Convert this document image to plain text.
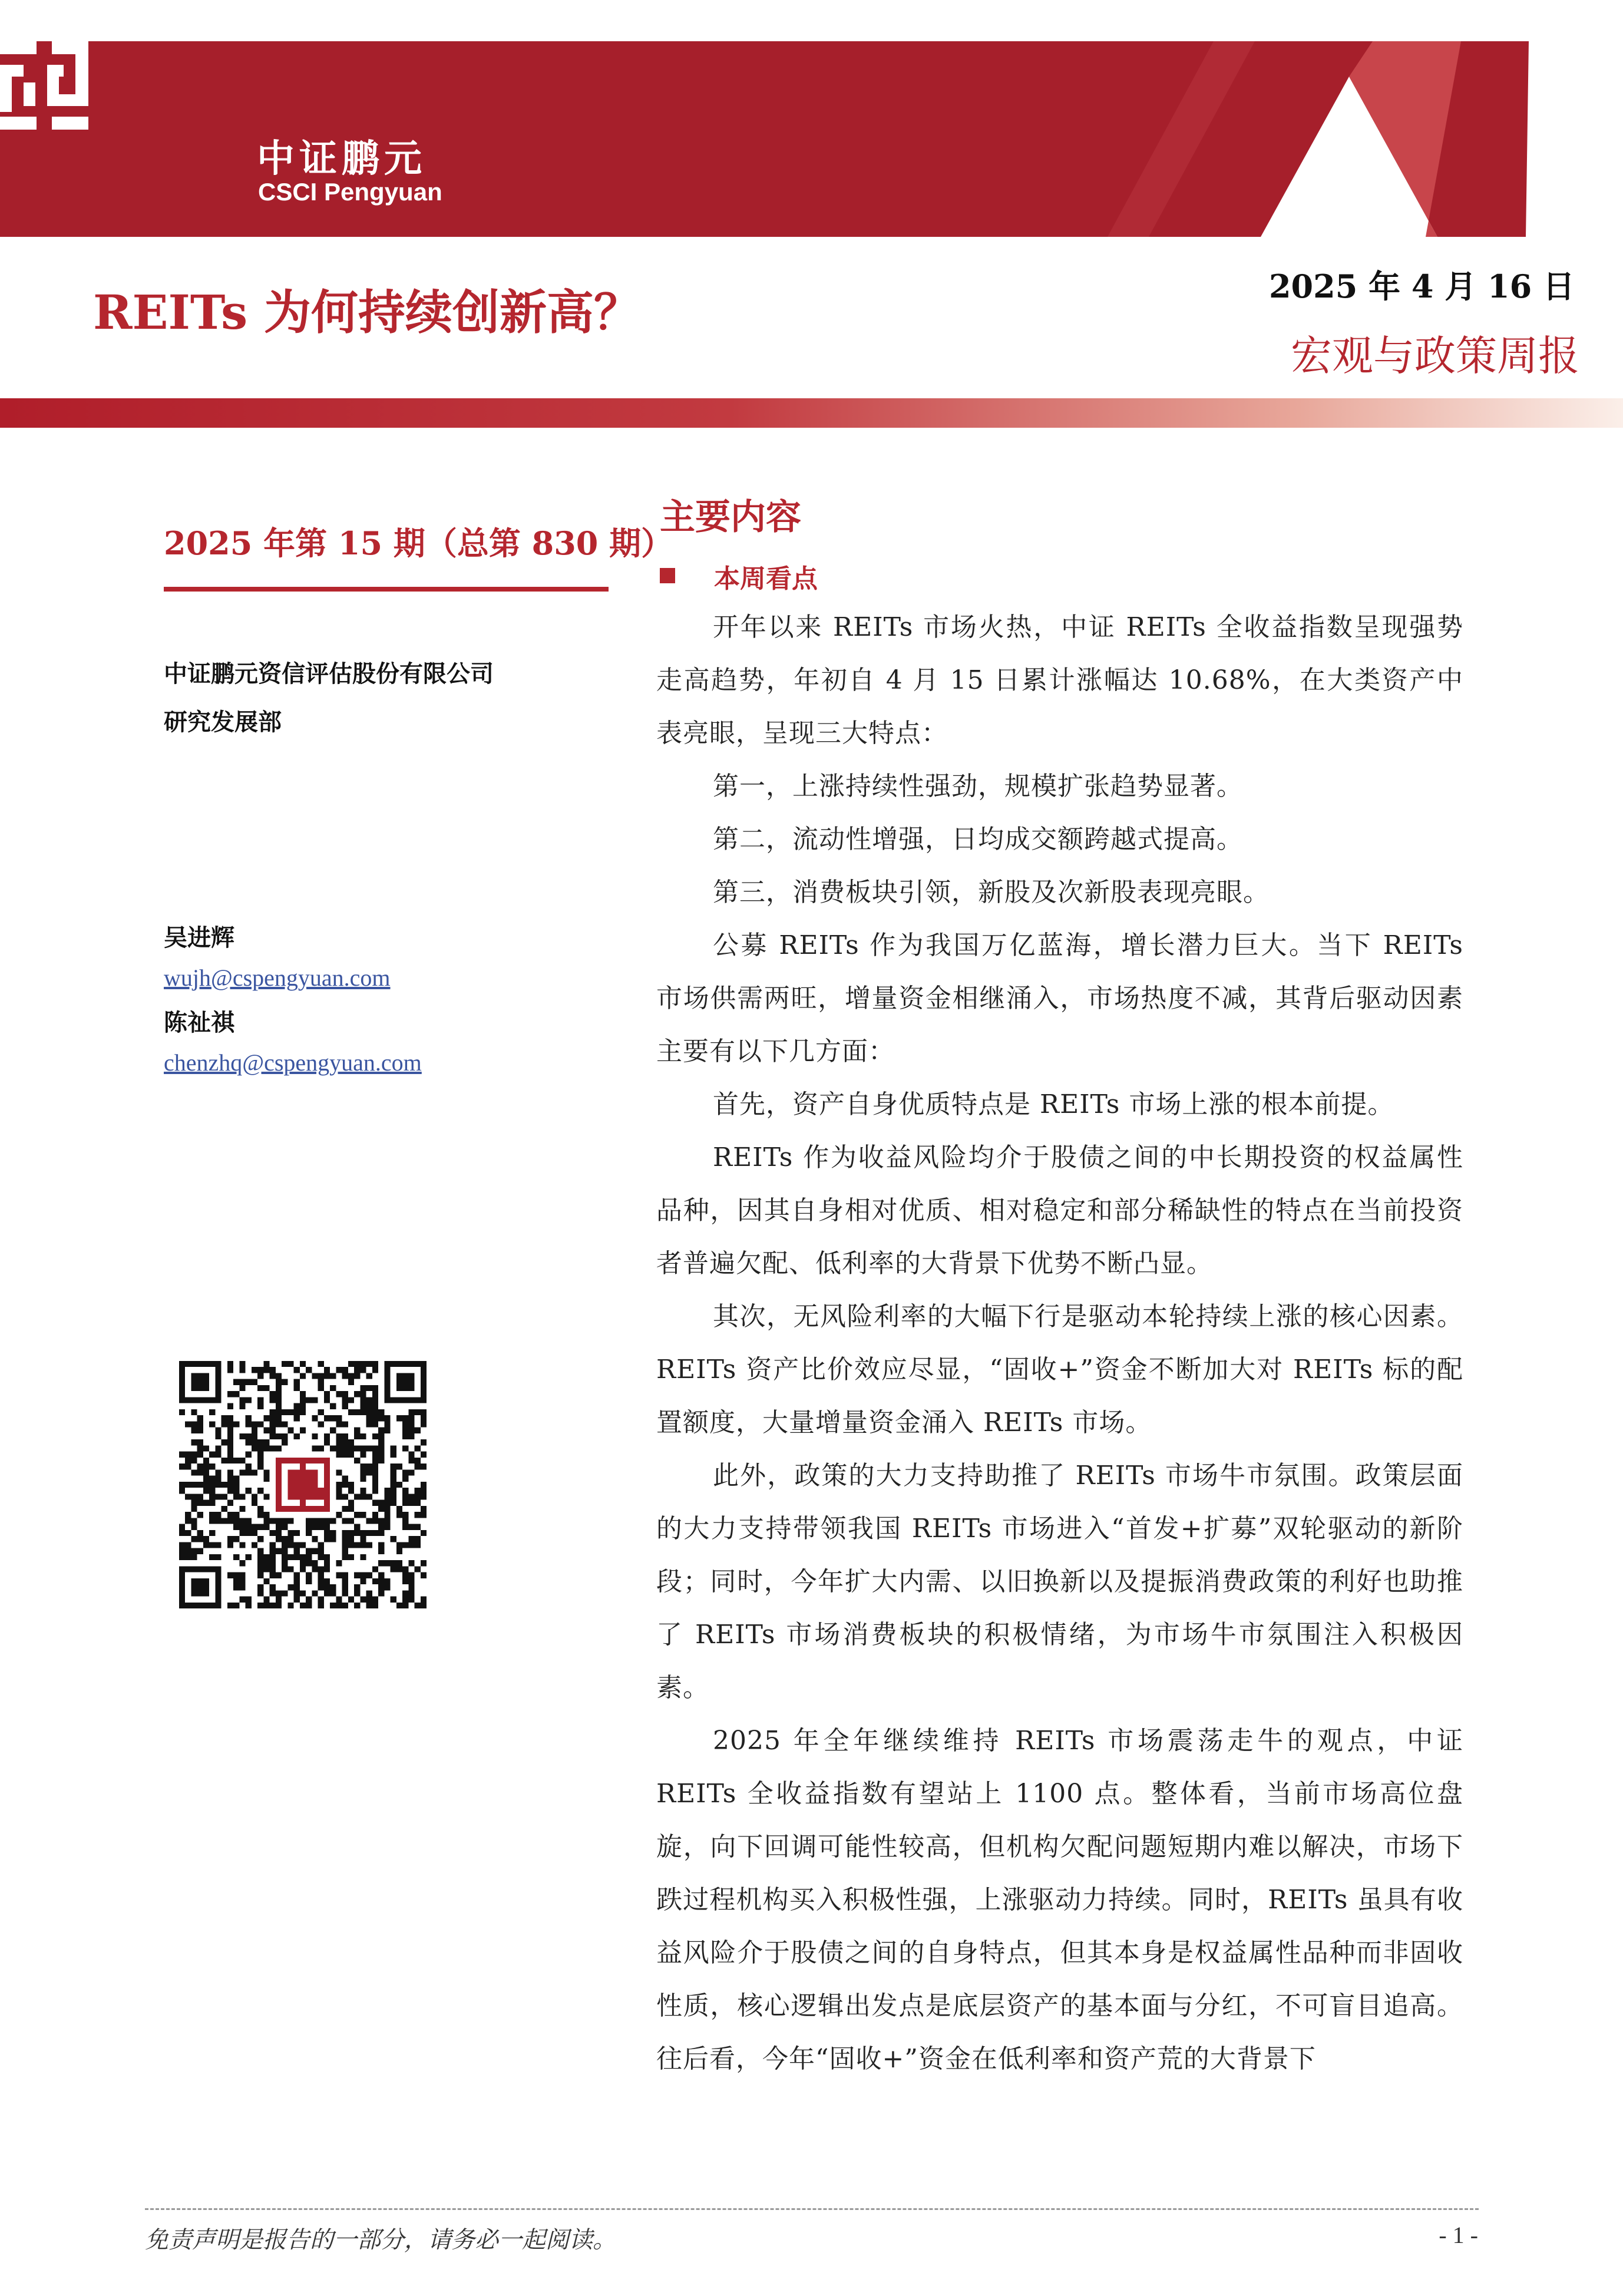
中证鹏元
CSCI Pengyuan
REITs 为何持续创新高？	2025 年 4 月 16 日
宏观与政策周报
2025 年第 15 期（总第 830 期）
中证鹏元资信评估股份有限公司
研究发展部
吴进辉
wujh@cspengyuan.com
陈祉祺
chenzhq@cspengyuan.com
主要内容
本周看点

开年以来 REITs 市场火热，中证 REITs 全收益指数呈现强势走高趋势，年初自 4 月 15 日累计涨幅达 10.68%，在大类资产中表亮眼，呈现三大特点：

第一，上涨持续性强劲，规模扩张趋势显著。

第二，流动性增强，日均成交额跨越式提高。

第三，消费板块引领，新股及次新股表现亮眼。

公募 REITs 作为我国万亿蓝海，增长潜力巨大。当下 REITs 市场供需两旺，增量资金相继涌入，市场热度不减，其背后驱动因素主要有以下几方面：

首先，资产自身优质特点是 REITs 市场上涨的根本前提。

REITs 作为收益风险均介于股债之间的中长期投资的权益属性品种，因其自身相对优质、相对稳定和部分稀缺性的特点在当前投资者普遍欠配、低利率的大背景下优势不断凸显。

其次，无风险利率的大幅下行是驱动本轮持续上涨的核心因素。REITs 资产比价效应尽显，“固收+”资金不断加大对 REITs 标的配置额度，大量增量资金涌入 REITs 市场。

此外，政策的大力支持助推了 REITs 市场牛市氛围。政策层面的大力支持带领我国 REITs 市场进入“首发+扩募”双轮驱动的新阶段；同时，今年扩大内需、以旧换新以及提振消费政策的利好也助推了 REITs 市场消费板块的积极情绪，为市场牛市氛围注入积极因素。

2025 年全年继续维持 REITs 市场震荡走牛的观点，中证 REITs 全收益指数有望站上 1100 点。整体看，当前市场高位盘旋，向下回调可能性较高，但机构欠配问题短期内难以解决，市场下跌过程机构买入积极性强，上涨驱动力持续。同时，REITs 虽具有收益风险介于股债之间的自身特点，但其本身是权益属性品种而非固收性质，核心逻辑出发点是底层资产的基本面与分红，不可盲目追高。往后看，今年“固收+”资金在低利率和资产荒的大背景下

免责声明是报告的一部分，请务必一起阅读。	- 1 -
